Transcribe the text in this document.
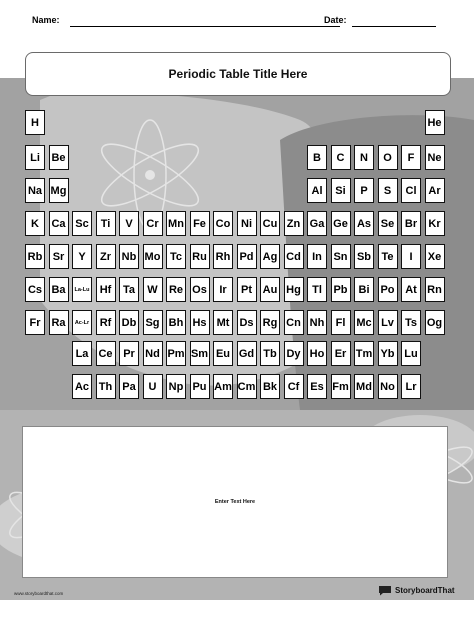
Name:	Date:
Periodic Table Title Here
H	He
Li	Be	B	C	N	O	F	Ne
Na Mg	Al	Si	P	S	Cl	Ar
K	Ca Sc	Ti	V	Cr Mn Fe Co Ni Cu Zn Ga Ge As Se Br	Kr
Rb Sr	Y	Zr Nb Mo Tc Ru Rh Pd Ag Cd	In	Sn Sb Te	I	Xe
Cs Ba	La-Lu Hf	Ta	W	Re Os	Ir	Pt Au Hg	Tl	Pb Bi Po At Rn
Fr Ra	Ac-Lr Rf Db Sg Bh Hs Mt Ds Rg Cn Nh	Fl Mc Lv	Ts Og
La Ce Pr Nd Pm Sm Eu Gd Tb Dy Ho Er Tm Yb Lu
Ac Th Pa	U	Np Pu Am Cm Bk Cf Es Fm Md No Lr
Enter Text Here
www.storyboardthat.com	StoryboardThat
